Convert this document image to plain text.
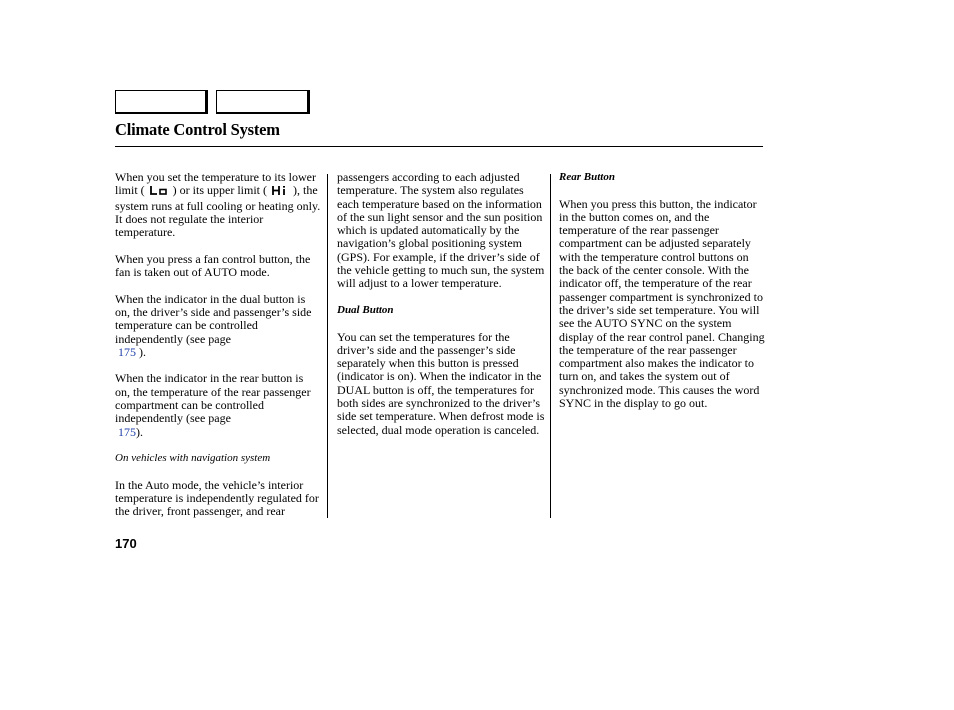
Climate Control System

When you set the temperature to its lower limit ( ) or its upper limit ( ), the system runs at full cooling or heating only. It does not regulate the interior temperature.

When you press a fan control button, the fan is taken out of AUTO mode.

When the indicator in the dual button is on, the driver’s side and passenger’s side temperature can be controlled independently (see page
175 ).

When the indicator in the rear button is on, the temperature of the rear passenger compartment can be controlled independently (see page
175).

On vehicles with navigation system

In the Auto mode, the vehicle’s interior temperature is independently regulated for the driver, front passenger, and rear

passengers according to each adjusted temperature. The system also regulates each temperature based on the information of the sun light sensor and the sun position which is updated automatically by the navigation’s global positioning system (GPS). For example, if the driver’s side of the vehicle getting to much sun, the system will adjust to a lower temperature.

Dual Button

You can set the temperatures for the driver’s side and the passenger’s side separately when this button is pressed (indicator is on). When the indicator in the DUAL button is off, the temperatures for both sides are synchronized to the driver’s side set temperature. When defrost mode is selected, dual mode operation is canceled.

Rear Button

When you press this button, the indicator in the button comes on, and the temperature of the rear passenger compartment can be adjusted separately with the temperature control buttons on the back of the center console. With the indicator off, the temperature of the rear passenger compartment is synchronized to the driver’s side set temperature. You will see the AUTO SYNC on the system display of the rear control panel. Changing the temperature of the rear passenger compartment also makes the indicator to turn on, and takes the system out of synchronized mode. This causes the word SYNC in the display to go out.

170
